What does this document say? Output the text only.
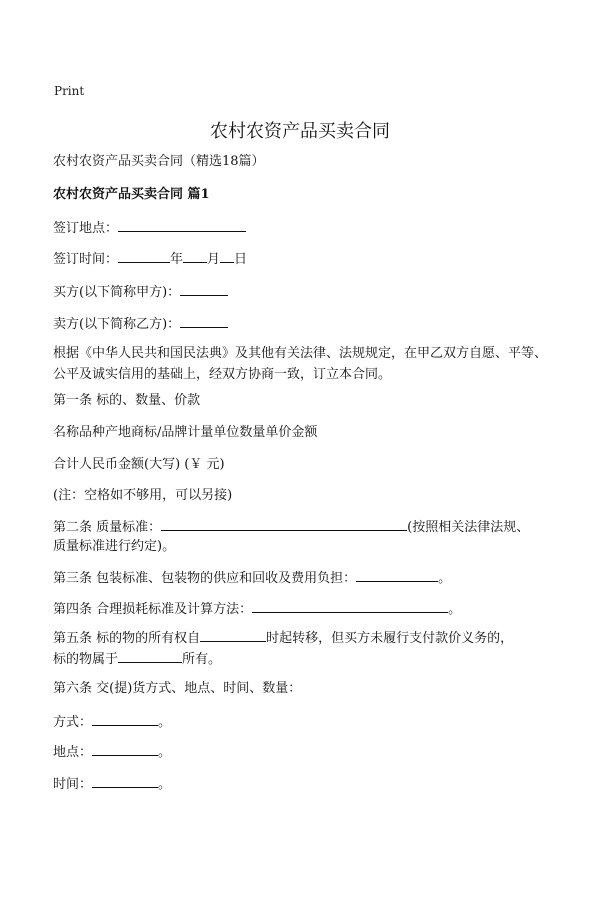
Print
农村农资产品买卖合同
农村农资产品买卖合同（精选18篇）
农村农资产品买卖合同 篇1
签订地点：
签订时间：	年 月 日
买方(以下简称甲方)：
卖方(以下简称乙方)：
根据《中华人民共和国民法典》及其他有关法律、法规规定，在甲乙双方自愿、平等、公平及诚实信用的基础上，经双方协商一致，订立本合同。
第一条 标的、数量、价款
名称品种产地商标/品牌计量单位数量单价金额
合计人民币金额(大写) (￥ 元)
(注：空格如不够用，可以另接)
第二条 质量标准：	(按照相关法律法规、
质量标准进行约定)。
第三条 包装标准、包装物的供应和回收及费用负担：	。
第四条 合理损耗标准及计算方法：	。
第五条 标的物的所有权自	时起转移，但买方未履行支付款价义务的，
标的物属于	所有。
第六条 交(提)货方式、地点、时间、数量：
方式：	。
地点：	。
时间：	。
